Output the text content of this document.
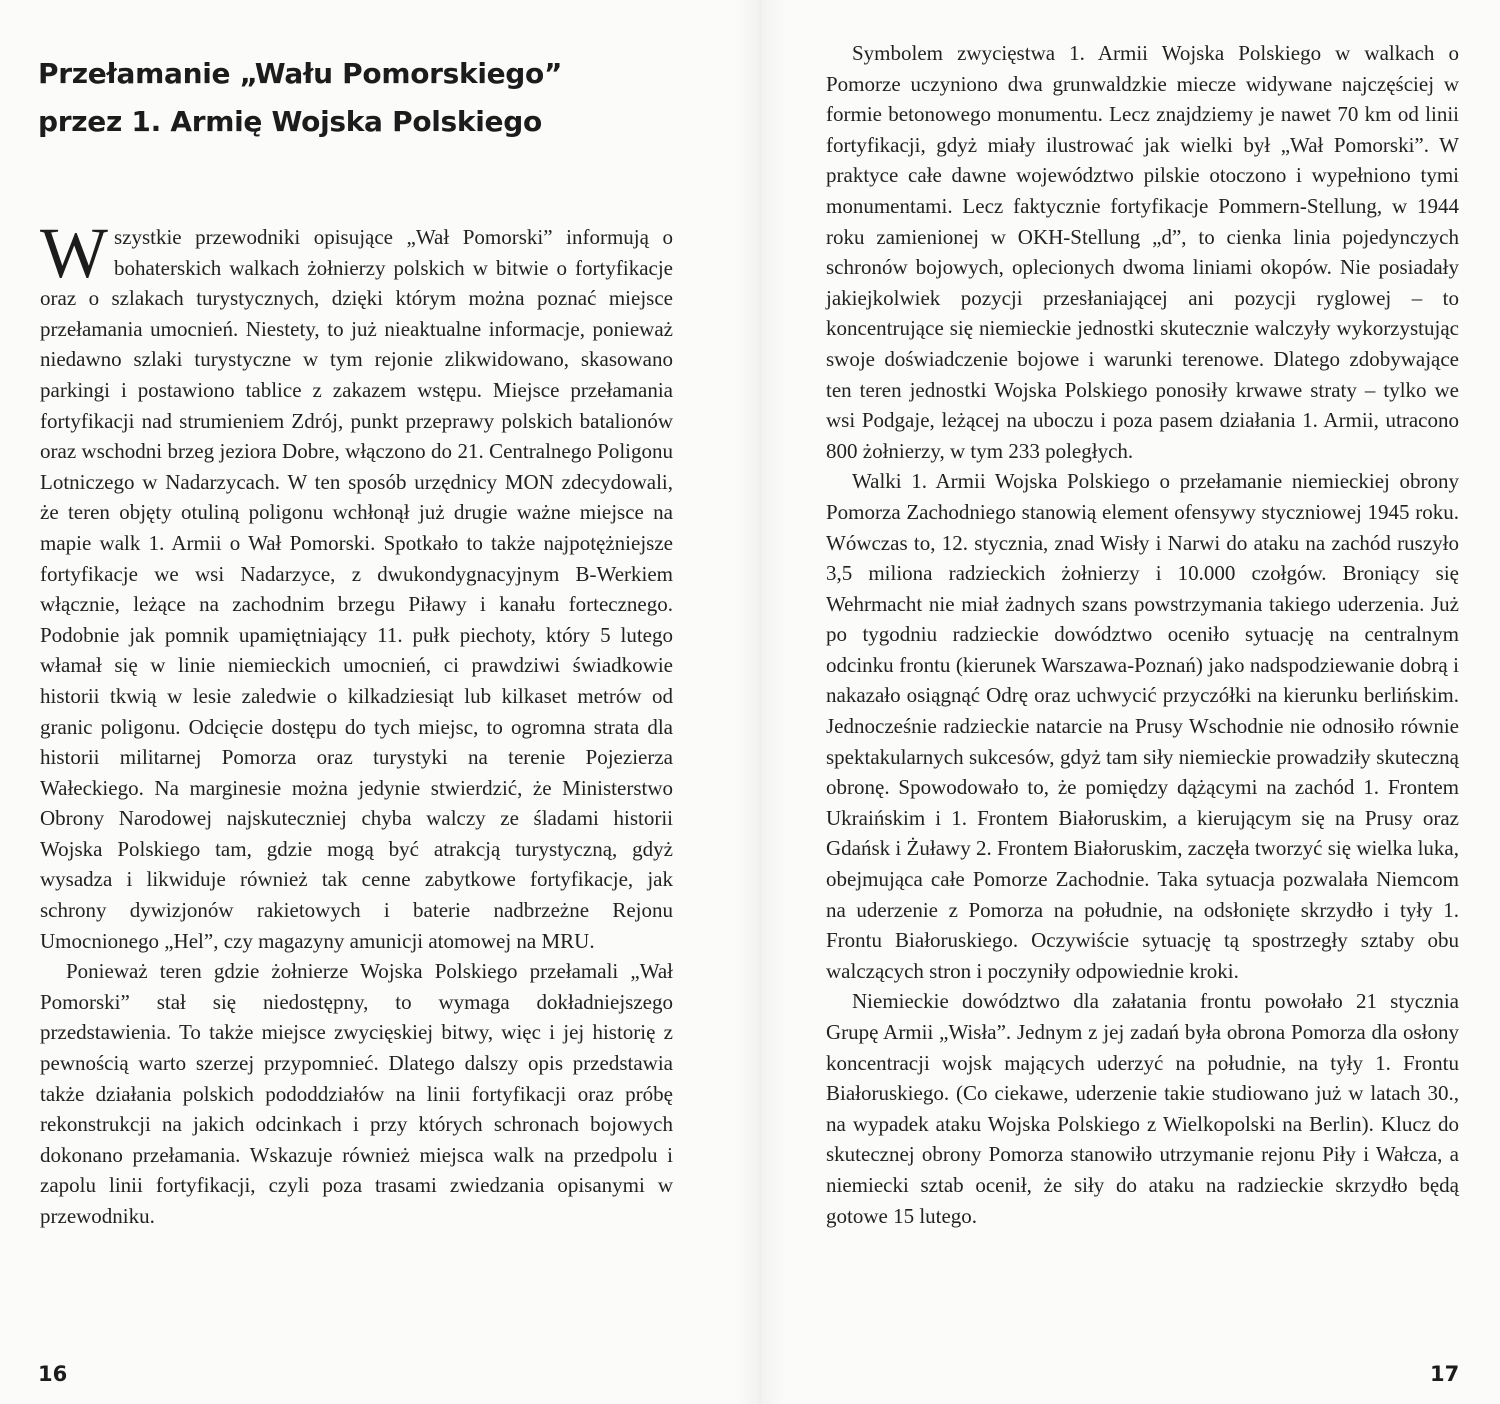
Przełamanie „Wału Pomorskiego”
przez 1. Armię Wojska Polskiego

Wszystkie przewodniki opisujące „Wał Pomorski” informują o bohaterskich walkach żołnierzy polskich w bitwie o fortyfikacje oraz o szlakach turystycznych, dzięki którym można poznać miejsce przełamania umocnień. Niestety, to już nieaktualne informacje, ponieważ niedawno szlaki turystyczne w tym rejonie zlikwidowano, skasowano parkingi i postawiono tablice z zakazem wstępu. Miejsce przełamania fortyfikacji nad strumieniem Zdrój, punkt przeprawy polskich batalionów oraz wschodni brzeg jeziora Dobre, włączono do 21. Centralnego Poligonu Lotniczego w Nadarzycach. W ten sposób urzędnicy MON zdecydowali, że teren objęty otuliną poligonu wchłonął już drugie ważne miejsce na mapie walk 1. Armii o Wał Pomorski. Spotkało to także najpotężniejsze fortyfikacje we wsi Nadarzyce, z dwukondygnacyjnym B-Werkiem włącznie, leżące na zachodnim brzegu Piławy i kanału fortecznego. Podobnie jak pomnik upamiętniający 11. pułk piechoty, który 5 lutego włamał się w linie niemieckich umocnień, ci prawdziwi świadkowie historii tkwią w lesie zaledwie o kilkadziesiąt lub kilkaset metrów od granic poligonu. Odcięcie dostępu do tych miejsc, to ogromna strata dla historii militarnej Pomorza oraz turystyki na terenie Pojezierza Wałeckiego. Na marginesie można jedynie stwierdzić, że Ministerstwo Obrony Narodowej najskuteczniej chyba walczy ze śladami historii Wojska Polskiego tam, gdzie mogą być atrakcją turystyczną, gdyż wysadza i likwiduje również tak cenne zabytkowe fortyfikacje, jak schrony dywizjonów rakietowych i baterie nadbrzeżne Rejonu Umocnionego „Hel”, czy magazyny amunicji atomowej na MRU.

Ponieważ teren gdzie żołnierze Wojska Polskiego przełamali „Wał Pomorski” stał się niedostępny, to wymaga dokładniejszego przedstawienia. To także miejsce zwycięskiej bitwy, więc i jej historię z pewnością warto szerzej przypomnieć. Dlatego dalszy opis przedstawia także działania polskich pododdziałów na linii fortyfikacji oraz próbę rekonstrukcji na jakich odcinkach i przy których schronach bojowych dokonano przełamania. Wskazuje również miejsca walk na przedpolu i zapolu linii fortyfikacji, czyli poza trasami zwiedzania opisanymi w przewodniku.

16

Symbolem zwycięstwa 1. Armii Wojska Polskiego w walkach o Pomorze uczyniono dwa grunwaldzkie miecze widywane najczęściej w formie betonowego monumentu. Lecz znajdziemy je nawet 70 km od linii fortyfikacji, gdyż miały ilustrować jak wielki był „Wał Pomorski”. W praktyce całe dawne województwo pilskie otoczono i wypełniono tymi monumentami. Lecz faktycznie fortyfikacje Pommern-Stellung, w 1944 roku zamienionej w OKH-Stellung „d”, to cienka linia pojedynczych schronów bojowych, oplecionych dwoma liniami okopów. Nie posiadały jakiejkolwiek pozycji przesłaniającej ani pozycji ryglowej – to koncentrujące się niemieckie jednostki skutecznie walczyły wykorzystując swoje doświadczenie bojowe i warunki terenowe. Dlatego zdobywające ten teren jednostki Wojska Polskiego ponosiły krwawe straty – tylko we wsi Podgaje, leżącej na uboczu i poza pasem działania 1. Armii, utracono 800 żołnierzy, w tym 233 poległych.

Walki 1. Armii Wojska Polskiego o przełamanie niemieckiej obrony Pomorza Zachodniego stanowią element ofensywy styczniowej 1945 roku. Wówczas to, 12. stycznia, znad Wisły i Narwi do ataku na zachód ruszyło 3,5 miliona radzieckich żołnierzy i 10.000 czołgów. Broniący się Wehrmacht nie miał żadnych szans powstrzymania takiego uderzenia. Już po tygodniu radzieckie dowództwo oceniło sytuację na centralnym odcinku frontu (kierunek Warszawa-Poznań) jako nadspodziewanie dobrą i nakazało osiągnąć Odrę oraz uchwycić przyczółki na kierunku berlińskim. Jednocześnie radzieckie natarcie na Prusy Wschodnie nie odnosiło równie spektakularnych sukcesów, gdyż tam siły niemieckie prowadziły skuteczną obronę. Spowodowało to, że pomiędzy dążącymi na zachód 1. Frontem Ukraińskim i 1. Frontem Białoruskim, a kierującym się na Prusy oraz Gdańsk i Żuławy 2. Frontem Białoruskim, zaczęła tworzyć się wielka luka, obejmująca całe Pomorze Zachodnie. Taka sytuacja pozwalała Niemcom na uderzenie z Pomorza na południe, na odsłonięte skrzydło i tyły 1. Frontu Białoruskiego. Oczywiście sytuację tą spostrzegły sztaby obu walczących stron i poczyniły odpowiednie kroki.

Niemieckie dowództwo dla załatania frontu powołało 21 stycznia Grupę Armii „Wisła”. Jednym z jej zadań była obrona Pomorza dla osłony koncentracji wojsk mających uderzyć na południe, na tyły 1. Frontu Białoruskiego. (Co ciekawe, uderzenie takie studiowano już w latach 30., na wypadek ataku Wojska Polskiego z Wielkopolski na Berlin). Klucz do skutecznej obrony Pomorza stanowiło utrzymanie rejonu Piły i Wałcza, a niemiecki sztab ocenił, że siły do ataku na radzieckie skrzydło będą gotowe 15 lutego.

17
